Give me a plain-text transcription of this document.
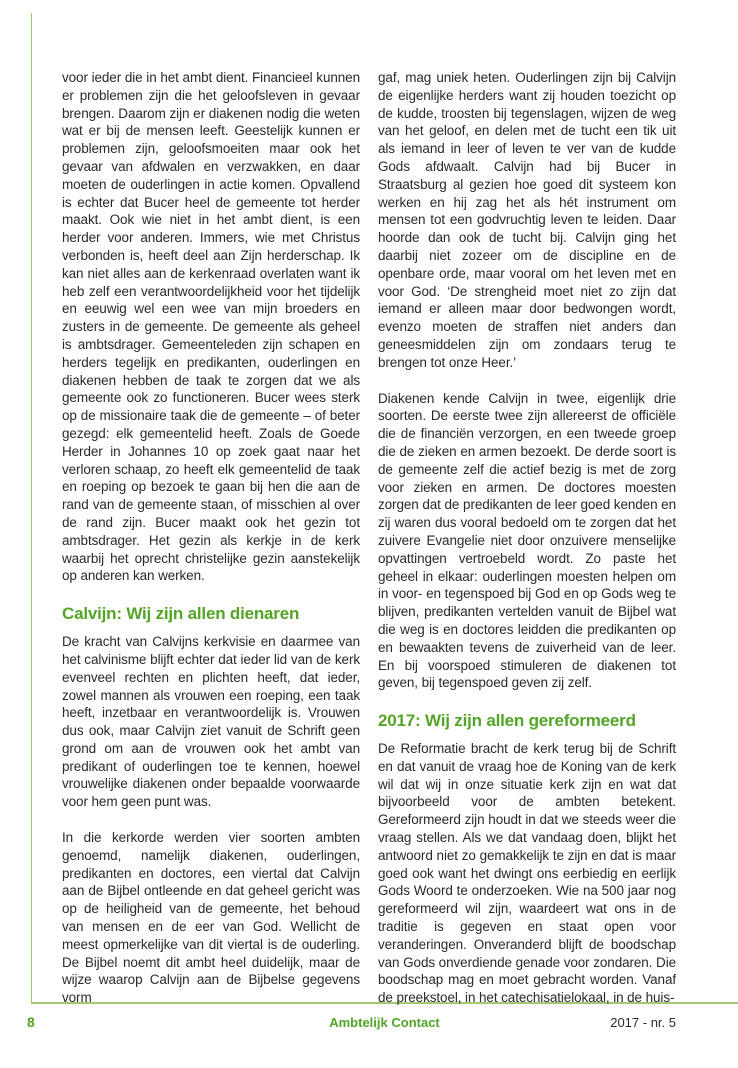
voor ieder die in het ambt dient. Financieel kunnen er problemen zijn die het geloofsleven in gevaar brengen. Daarom zijn er diakenen nodig die weten wat er bij de mensen leeft. Geestelijk kunnen er problemen zijn, geloofsmoeiten maar ook het gevaar van afdwalen en verzwakken, en daar moeten de ouderlingen in actie komen. Opvallend is echter dat Bucer heel de gemeente tot herder maakt. Ook wie niet in het ambt dient, is een herder voor anderen. Immers, wie met Christus verbonden is, heeft deel aan Zijn herderschap. Ik kan niet alles aan de kerkenraad overlaten want ik heb zelf een verantwoordelijkheid voor het tijdelijk en eeuwig wel een wee van mijn broeders en zusters in de gemeente. De gemeente als geheel is ambtsdrager. Gemeenteleden zijn schapen en herders tegelijk en predikanten, ouderlingen en diakenen hebben de taak te zorgen dat we als gemeente ook zo functioneren. Bucer wees sterk op de missionaire taak die de gemeente – of beter gezegd: elk gemeentelid heeft. Zoals de Goede Herder in Johannes 10 op zoek gaat naar het verloren schaap, zo heeft elk gemeentelid de taak en roeping op bezoek te gaan bij hen die aan de rand van de gemeente staan, of misschien al over de rand zijn. Bucer maakt ook het gezin tot ambtsdrager. Het gezin als kerkje in de kerk waarbij het oprecht christelijke gezin aanstekelijk op anderen kan werken.

Calvijn: Wij zijn allen dienaren

De kracht van Calvijns kerkvisie en daarmee van het calvinisme blijft echter dat ieder lid van de kerk evenveel rechten en plichten heeft, dat ieder, zowel mannen als vrouwen een roeping, een taak heeft, inzetbaar en verantwoordelijk is. Vrouwen dus ook, maar Calvijn ziet vanuit de Schrift geen grond om aan de vrouwen ook het ambt van predikant of ouderlingen toe te kennen, hoewel vrouwelijke diakenen onder bepaalde voorwaarde voor hem geen punt was.

In die kerkorde werden vier soorten ambten genoemd, namelijk diakenen, ouderlingen, predikanten en doctores, een viertal dat Calvijn aan de Bijbel ontleende en dat geheel gericht was op de heiligheid van de gemeente, het behoud van mensen en de eer van God. Wellicht de meest opmerkelijke van dit viertal is de ouderling. De Bijbel noemt dit ambt heel duidelijk, maar de wijze waarop Calvijn aan de Bijbelse gegevens vorm

gaf, mag uniek heten. Ouderlingen zijn bij Calvijn de eigenlijke herders want zij houden toezicht op de kudde, troosten bij tegenslagen, wijzen de weg van het geloof, en delen met de tucht een tik uit als iemand in leer of leven te ver van de kudde Gods afdwaalt. Calvijn had bij Bucer in Straatsburg al gezien hoe goed dit systeem kon werken en hij zag het als hét instrument om mensen tot een godvruchtig leven te leiden. Daar hoorde dan ook de tucht bij. Calvijn ging het daarbij niet zozeer om de discipline en de openbare orde, maar vooral om het leven met en voor God. ‘De strengheid moet niet zo zijn dat iemand er alleen maar door bedwongen wordt, evenzo moeten de straffen niet anders dan geneesmiddelen zijn om zondaars terug te brengen tot onze Heer.’

Diakenen kende Calvijn in twee, eigenlijk drie soorten. De eerste twee zijn allereerst de officiële die de financiën verzorgen, en een tweede groep die de zieken en armen bezoekt. De derde soort is de gemeente zelf die actief bezig is met de zorg voor zieken en armen. De doctores moesten zorgen dat de predikanten de leer goed kenden en zij waren dus vooral bedoeld om te zorgen dat het zuivere Evangelie niet door onzuivere menselijke opvattingen vertroebeld wordt. Zo paste het geheel in elkaar: ouderlingen moesten helpen om in voor- en tegenspoed bij God en op Gods weg te blijven, predikanten vertelden vanuit de Bijbel wat die weg is en doctores leidden die predikanten op en bewaakten tevens de zuiverheid van de leer. En bij voorspoed stimuleren de diakenen tot geven, bij tegenspoed geven zij zelf.

2017: Wij zijn allen gereformeerd

De Reformatie bracht de kerk terug bij de Schrift en dat vanuit de vraag hoe de Koning van de kerk wil dat wij in onze situatie kerk zijn en wat dat bijvoorbeeld voor de ambten betekent. Gereformeerd zijn houdt in dat we steeds weer die vraag stellen. Als we dat vandaag doen, blijkt het antwoord niet zo gemakkelijk te zijn en dat is maar goed ook want het dwingt ons eerbiedig en eerlijk Gods Woord te onderzoeken. Wie na 500 jaar nog gereformeerd wil zijn, waardeert wat ons in de traditie is gegeven en staat open voor veranderingen. Onveranderd blijft de boodschap van Gods onverdiende genade voor zondaren. Die boodschap mag en moet gebracht worden. Vanaf de preekstoel, in het catechisatielokaal, in de huis-

8	Ambtelijk Contact	2017 - nr. 5
